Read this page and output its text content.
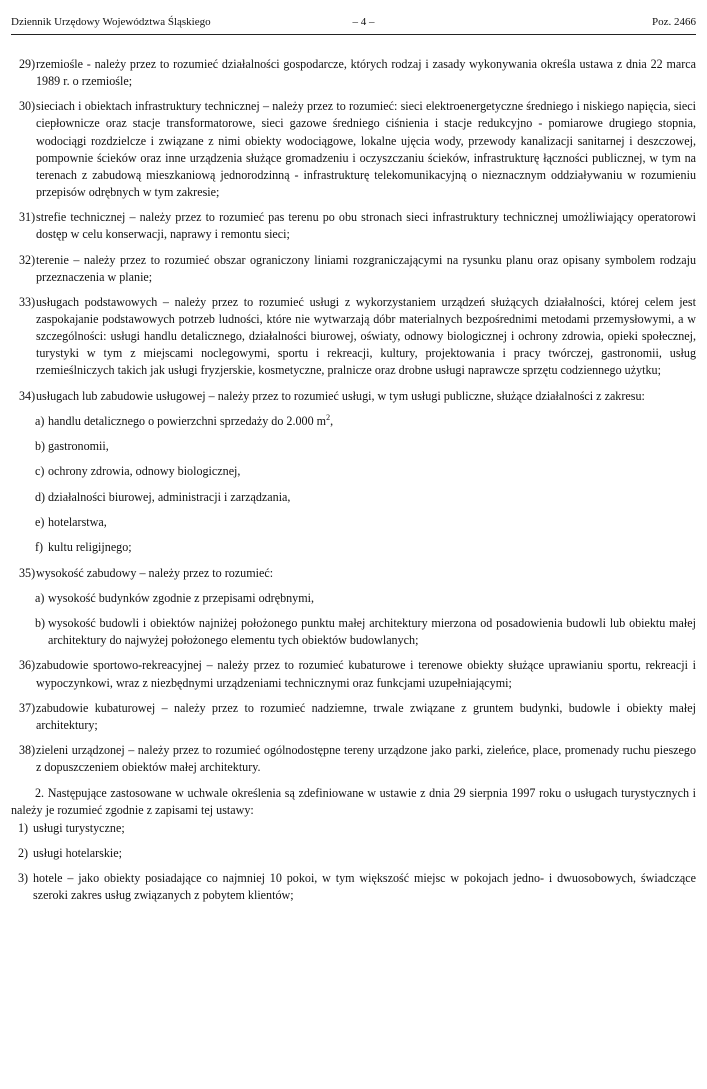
Dziennik Urzędowy Województwa Śląskiego	– 4 –	Poz. 2466
29) rzemiośle - należy przez to rozumieć działalności gospodarcze, których rodzaj i zasady wykonywania określa ustawa z dnia 22 marca 1989 r. o rzemiośle;
30) sieciach i obiektach infrastruktury technicznej – należy przez to rozumieć: sieci elektroenergetyczne średniego i niskiego napięcia, sieci ciepłownicze oraz stacje transformatorowe, sieci gazowe średniego ciśnienia i stacje redukcyjno - pomiarowe drugiego stopnia, wodociągi rozdzielcze i związane z nimi obiekty wodociągowe, lokalne ujęcia wody, przewody kanalizacji sanitarnej i deszczowej, pompownie ścieków oraz inne urządzenia służące gromadzeniu i oczyszczaniu ścieków, infrastrukturę łączności publicznej, w tym na terenach z zabudową mieszkaniową jednorodzinną - infrastrukturę telekomunikacyjną o nieznacznym oddziaływaniu w rozumieniu przepisów odrębnych w tym zakresie;
31) strefie technicznej – należy przez to rozumieć pas terenu po obu stronach sieci infrastruktury technicznej umożliwiający operatorowi dostęp w celu konserwacji, naprawy i remontu sieci;
32) terenie – należy przez to rozumieć obszar ograniczony liniami rozgraniczającymi na rysunku planu oraz opisany symbolem rodzaju przeznaczenia w planie;
33) usługach podstawowych – należy przez to rozumieć usługi z wykorzystaniem urządzeń służących działalności, której celem jest zaspokajanie podstawowych potrzeb ludności, które nie wytwarzają dóbr materialnych bezpośrednimi metodami przemysłowymi, a w szczególności: usługi handlu detalicznego, działalności biurowej, oświaty, odnowy biologicznej i ochrony zdrowia, opieki społecznej, turystyki w tym z miejscami noclegowymi, sportu i rekreacji, kultury, projektowania i pracy twórczej, gastronomii, usług rzemieślniczych takich jak usługi fryzjerskie, kosmetyczne, pralnicze oraz drobne usługi naprawcze sprzętu codziennego użytku;
34) usługach lub zabudowie usługowej – należy przez to rozumieć usługi, w tym usługi publiczne, służące działalności z zakresu:
a) handlu detalicznego o powierzchni sprzedaży do 2.000 $m^2$,
b) gastronomii,
c) ochrony zdrowia, odnowy biologicznej,
d) działalności biurowej, administracji i zarządzania,
e) hotelarstwa,
f) kultu religijnego;
35) wysokość zabudowy – należy przez to rozumieć:
a) wysokość budynków zgodnie z przepisami odrębnymi,
b) wysokość budowli i obiektów najniżej położonego punktu małej architektury mierzona od posadowienia budowli lub obiektu małej architektury do najwyżej położonego elementu tych obiektów budowlanych;
36) zabudowie sportowo-rekreacyjnej – należy przez to rozumieć kubaturowe i terenowe obiekty służące uprawianiu sportu, rekreacji i wypoczynkowi, wraz z niezbędnymi urządzeniami technicznymi oraz funkcjami uzupełniającymi;
37) zabudowie kubaturowej – należy przez to rozumieć nadziemne, trwale związane z gruntem budynki, budowle i obiekty małej architektury;
38) zieleni urządzonej – należy przez to rozumieć ogólnodostępne tereny urządzone jako parki, zieleńce, place, promenady ruchu pieszego z dopuszczeniem obiektów małej architektury.
2. Następujące zastosowane w uchwale określenia są zdefiniowane w ustawie z dnia 29 sierpnia 1997 roku o usługach turystycznych i należy je rozumieć zgodnie z zapisami tej ustawy:
1) usługi turystyczne;
2) usługi hotelarskie;
3) hotele – jako obiekty posiadające co najmniej 10 pokoi, w tym większość miejsc w pokojach jedno- i dwuosobowych, świadczące szeroki zakres usług związanych z pobytem klientów;
